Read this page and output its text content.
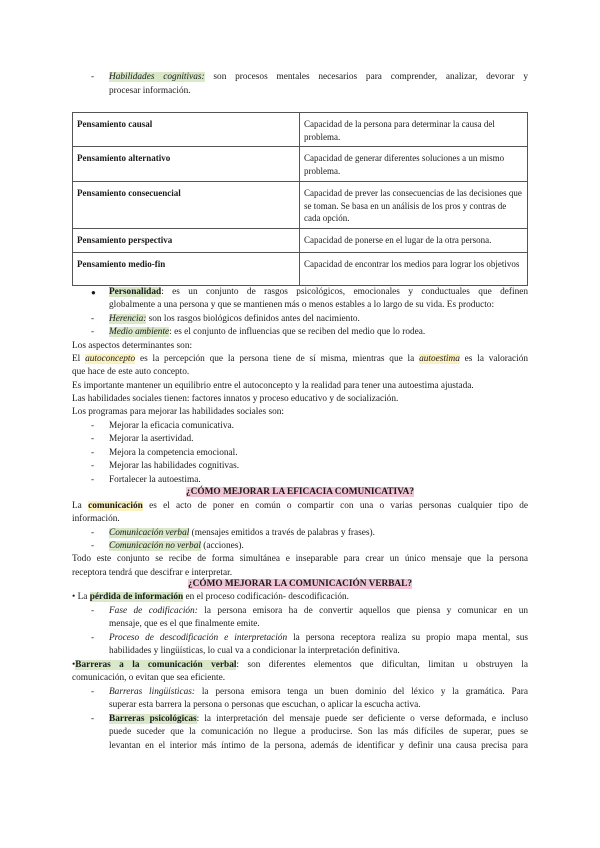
- Habilidades cognitivas: son procesos mentales necesarios para comprender, analizar, devorar y

procesar información.

Pensamiento causal	Capacidad de la persona para determinar la causa del problema.
Pensamiento alternativo	Capacidad de generar diferentes soluciones a un mismo problema.
Pensamiento consecuencial	Capacidad de prever las consecuencias de las decisiones que se toman. Se basa en un análisis de los pros y contras de cada opción.
Pensamiento perspectiva	Capacidad de ponerse en el lugar de la otra persona.
Pensamiento medio-fin	Capacidad de encontrar los medios para lograr los objetivos
● Personalidad: es un conjunto de rasgos psicológicos, emocionales y conductuales que definen

globalmente a una persona y que se mantienen más o menos estables a lo largo de su vida. Es producto:

- Herencia: son los rasgos biológicos definidos antes del nacimiento.

- Medio ambiente: es el conjunto de influencias que se reciben del medio que lo rodea.

Los aspectos determinantes son:

El autoconcepto es la percepción que la persona tiene de sí misma, mientras que la autoestima es la valoración

que hace de este auto concepto.

Es importante mantener un equilibrio entre el autoconcepto y la realidad para tener una autoestima ajustada.

Las habilidades sociales tienen: factores innatos y proceso educativo y de socialización.

Los programas para mejorar las habilidades sociales son:

- Mejorar la eficacia comunicativa.

- Mejorar la asertividad.

- Mejora la competencia emocional.

- Mejorar las habilidades cognitivas.

- Fortalecer la autoestima.

¿CÓMO MEJORAR LA EFICACIA COMUNICATIVA?

La comunicación es el acto de poner en común o compartir con una o varias personas cualquier tipo de

información.

- Comunicación verbal (mensajes emitidos a través de palabras y frases).

- Comunicación no verbal (acciones).

Todo este conjunto se recibe de forma simultánea e inseparable para crear un único mensaje que la persona

receptora tendrá que descifrar e interpretar.

¿CÓMO MEJORAR LA COMUNICACIÓN VERBAL?

• La pérdida de información en el proceso codificación- descodificación.

- Fase de codificación: la persona emisora ha de convertir aquellos que piensa y comunicar en un

mensaje, que es el que finalmente emite.

- Proceso de descodificación e interpretación la persona receptora realiza su propio mapa mental, sus

habilidades y lingüísticas, lo cual va a condicionar la interpretación definitiva.

•Barreras a la comunicación verbal: son diferentes elementos que dificultan, limitan u obstruyen la

comunicación, o evitan que sea eficiente.

- Barreras lingüísticas: la persona emisora tenga un buen dominio del léxico y la gramática. Para

superar esta barrera la persona o personas que escuchan, o aplicar la escucha activa.

- Barreras psicológicas: la interpretación del mensaje puede ser deficiente o verse deformada, e incluso

puede suceder que la comunicación no llegue a producirse. Son las más difíciles de superar, pues se

levantan en el interior más íntimo de la persona, además de identificar y definir una causa precisa para
